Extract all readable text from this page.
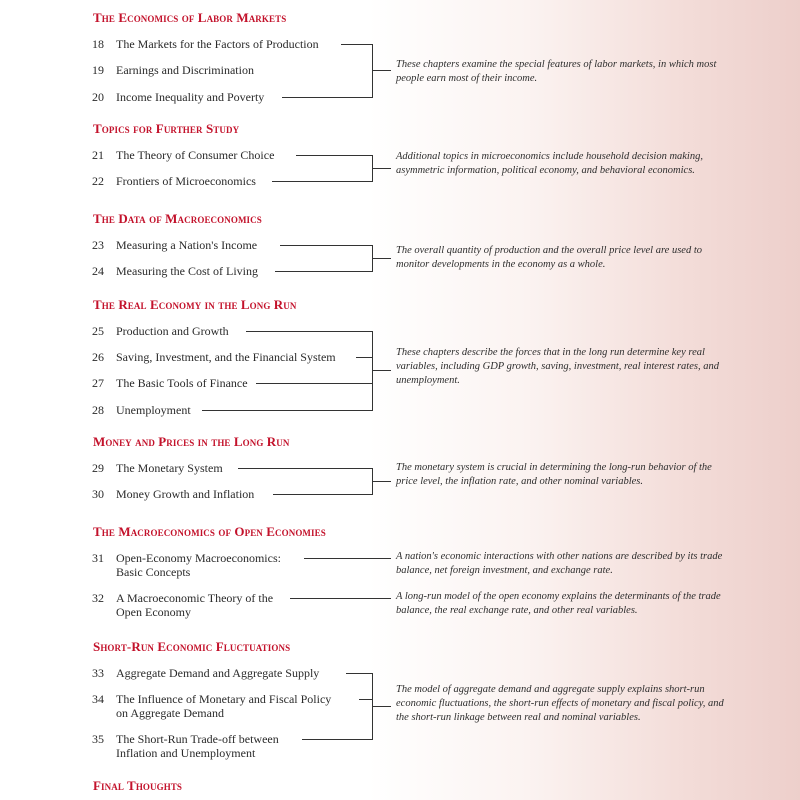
The Economics of Labor Markets
18 The Markets for the Factors of Production
19 Earnings and Discrimination
20 Income Inequality and Poverty
These chapters examine the special features of labor markets, in which most people earn most of their income.
Topics for Further Study
21 The Theory of Consumer Choice
22 Frontiers of Microeconomics
Additional topics in microeconomics include household decision making, asymmetric information, political economy, and behavioral economics.
The Data of Macroeconomics
23 Measuring a Nation's Income
24 Measuring the Cost of Living
The overall quantity of production and the overall price level are used to monitor developments in the economy as a whole.
The Real Economy in the Long Run
25 Production and Growth
26 Saving, Investment, and the Financial System
27 The Basic Tools of Finance
28 Unemployment
These chapters describe the forces that in the long run determine key real variables, including GDP growth, saving, investment, real interest rates, and unemployment.
Money and Prices in the Long Run
29 The Monetary System
30 Money Growth and Inflation
The monetary system is crucial in determining the long-run behavior of the price level, the inflation rate, and other nominal variables.
The Macroeconomics of Open Economies
31 Open-Economy Macroeconomics:
Basic Concepts
32 A Macroeconomic Theory of the
Open Economy
A nation's economic interactions with other nations are described by its trade balance, net foreign investment, and exchange rate.
A long-run model of the open economy explains the determinants of the trade balance, the real exchange rate, and other real variables.
Short-Run Economic Fluctuations
33 Aggregate Demand and Aggregate Supply
34 The Influence of Monetary and Fiscal Policy
on Aggregate Demand
35 The Short-Run Trade-off between
Inflation and Unemployment
The model of aggregate demand and aggregate supply explains short-run economic fluctuations, the short-run effects of monetary and fiscal policy, and the short-run linkage between real and nominal variables.
Final Thoughts
